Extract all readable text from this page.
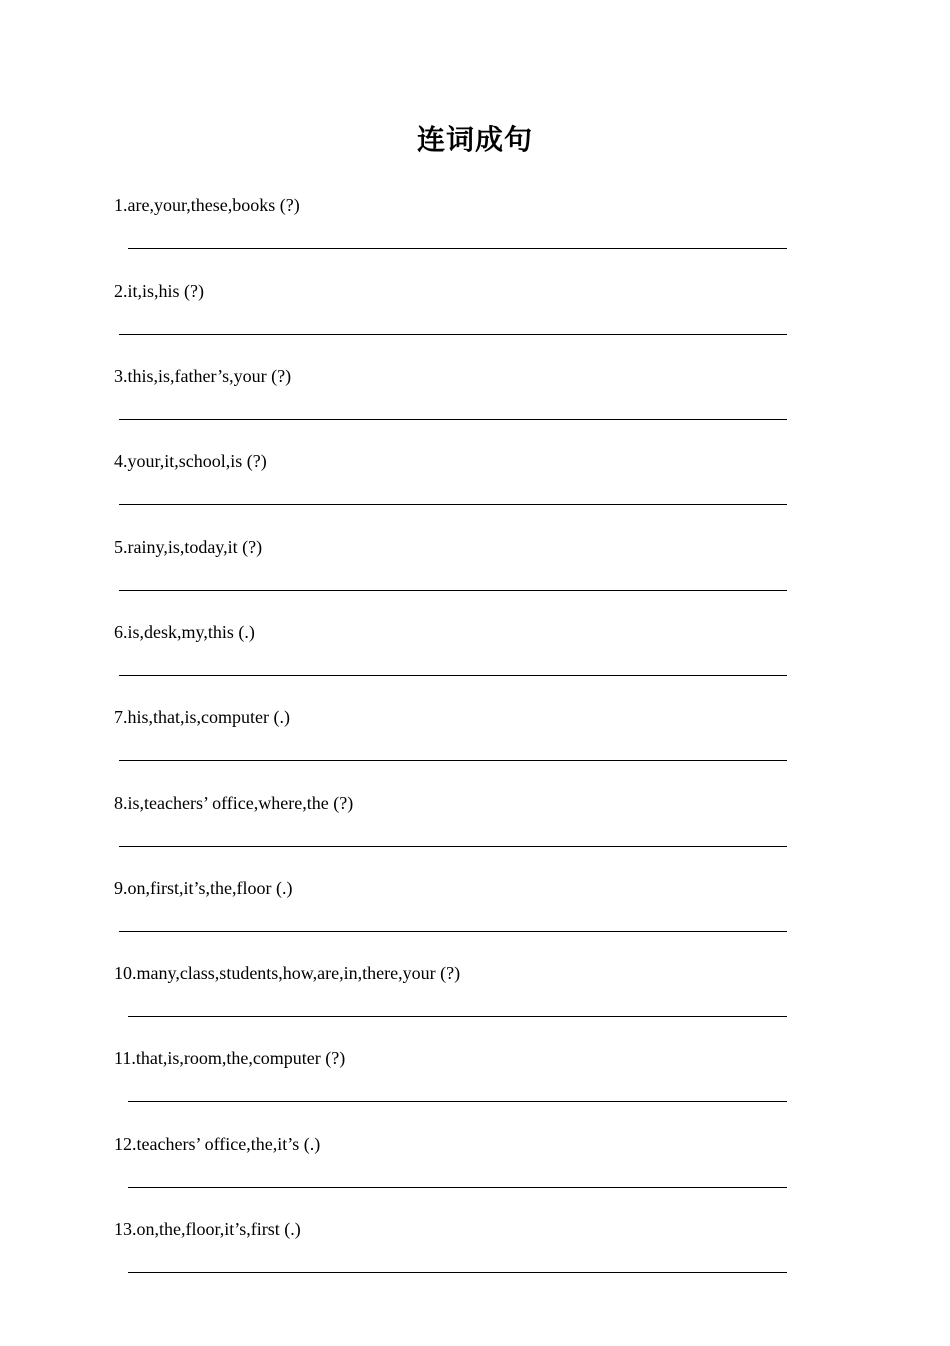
连词成句
1.are,your,these,books (?)
2.it,is,his (?)
3.this,is,father’s,your (?)
4.your,it,school,is (?)
5.rainy,is,today,it (?)
6.is,desk,my,this (.)
7.his,that,is,computer (.)
8.is,teachers’ office,where,the (?)
9.on,first,it’s,the,floor (.)
10.many,class,students,how,are,in,there,your (?)
11.that,is,room,the,computer (?)
12.teachers’ office,the,it’s (.)
13.on,the,floor,it’s,first (.)
